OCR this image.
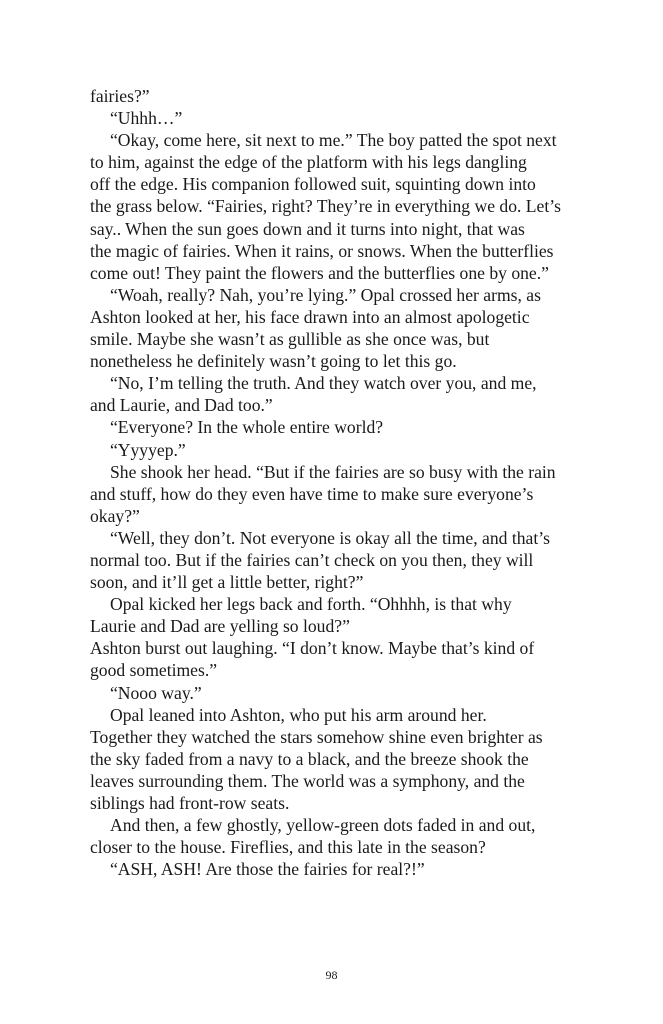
fairies?”
“Uhhh…”
“Okay, come here, sit next to me.” The boy patted the spot next
to him, against the edge of the platform with his legs dangling
off the edge. His companion followed suit, squinting down into
the grass below. “Fairies, right? They’re in everything we do. Let’s
say.. When the sun goes down and it turns into night, that was
the magic of fairies. When it rains, or snows. When the butterflies
come out! They paint the flowers and the butterflies one by one.”
“Woah, really? Nah, you’re lying.” Opal crossed her arms, as
Ashton looked at her, his face drawn into an almost apologetic
smile. Maybe she wasn’t as gullible as she once was, but
nonetheless he definitely wasn’t going to let this go.
“No, I’m telling the truth. And they watch over you, and me,
and Laurie, and Dad too.”
“Everyone? In the whole entire world?
“Yyyyep.”
She shook her head. “But if the fairies are so busy with the rain
and stuff, how do they even have time to make sure everyone’s
okay?”
“Well, they don’t. Not everyone is okay all the time, and that’s
normal too. But if the fairies can’t check on you then, they will
soon, and it’ll get a little better, right?”
Opal kicked her legs back and forth. “Ohhhh, is that why
Laurie and Dad are yelling so loud?”
Ashton burst out laughing. “I don’t know. Maybe that’s kind of
good sometimes.”
“Nooo way.”
Opal leaned into Ashton, who put his arm around her.
Together they watched the stars somehow shine even brighter as
the sky faded from a navy to a black, and the breeze shook the
leaves surrounding them. The world was a symphony, and the
siblings had front-row seats.
And then, a few ghostly, yellow-green dots faded in and out,
closer to the house. Fireflies, and this late in the season?
“ASH, ASH! Are those the fairies for real?!”
98
